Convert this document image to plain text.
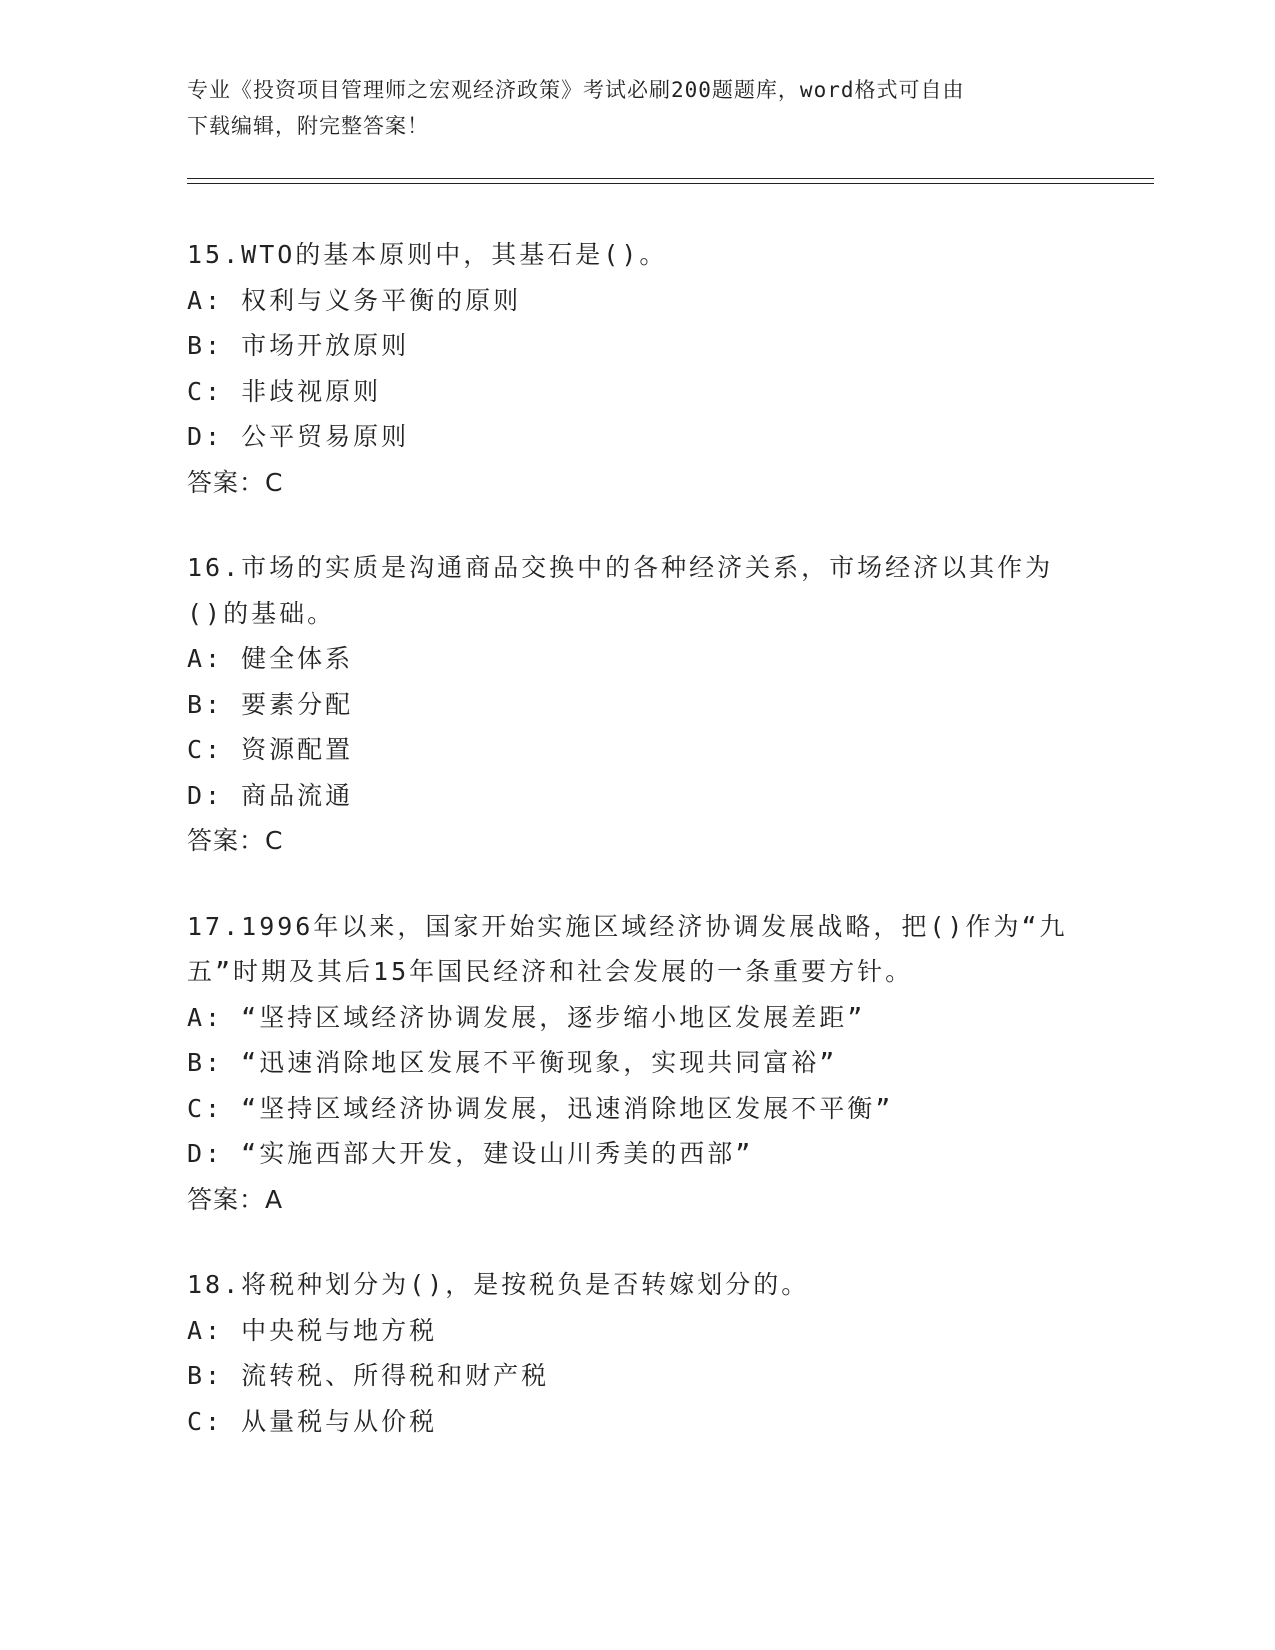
专业《投资项目管理师之宏观经济政策》考试必刷200题题库，word格式可自由
下载编辑，附完整答案！
15.WTO的基本原则中，其基石是()。
A: 权利与义务平衡的原则
B: 市场开放原则
C: 非歧视原则
D: 公平贸易原则
答案：C
16.市场的实质是沟通商品交换中的各种经济关系，市场经济以其作为
()的基础。
A: 健全体系
B: 要素分配
C: 资源配置
D: 商品流通
答案：C
17.1996年以来，国家开始实施区域经济协调发展战略，把()作为“九
五”时期及其后15年国民经济和社会发展的一条重要方针。
A: “坚持区域经济协调发展，逐步缩小地区发展差距”
B: “迅速消除地区发展不平衡现象，实现共同富裕”
C: “坚持区域经济协调发展，迅速消除地区发展不平衡”
D: “实施西部大开发，建设山川秀美的西部”
答案：A
18.将税种划分为()，是按税负是否转嫁划分的。
A: 中央税与地方税
B: 流转税、所得税和财产税
C: 从量税与从价税
